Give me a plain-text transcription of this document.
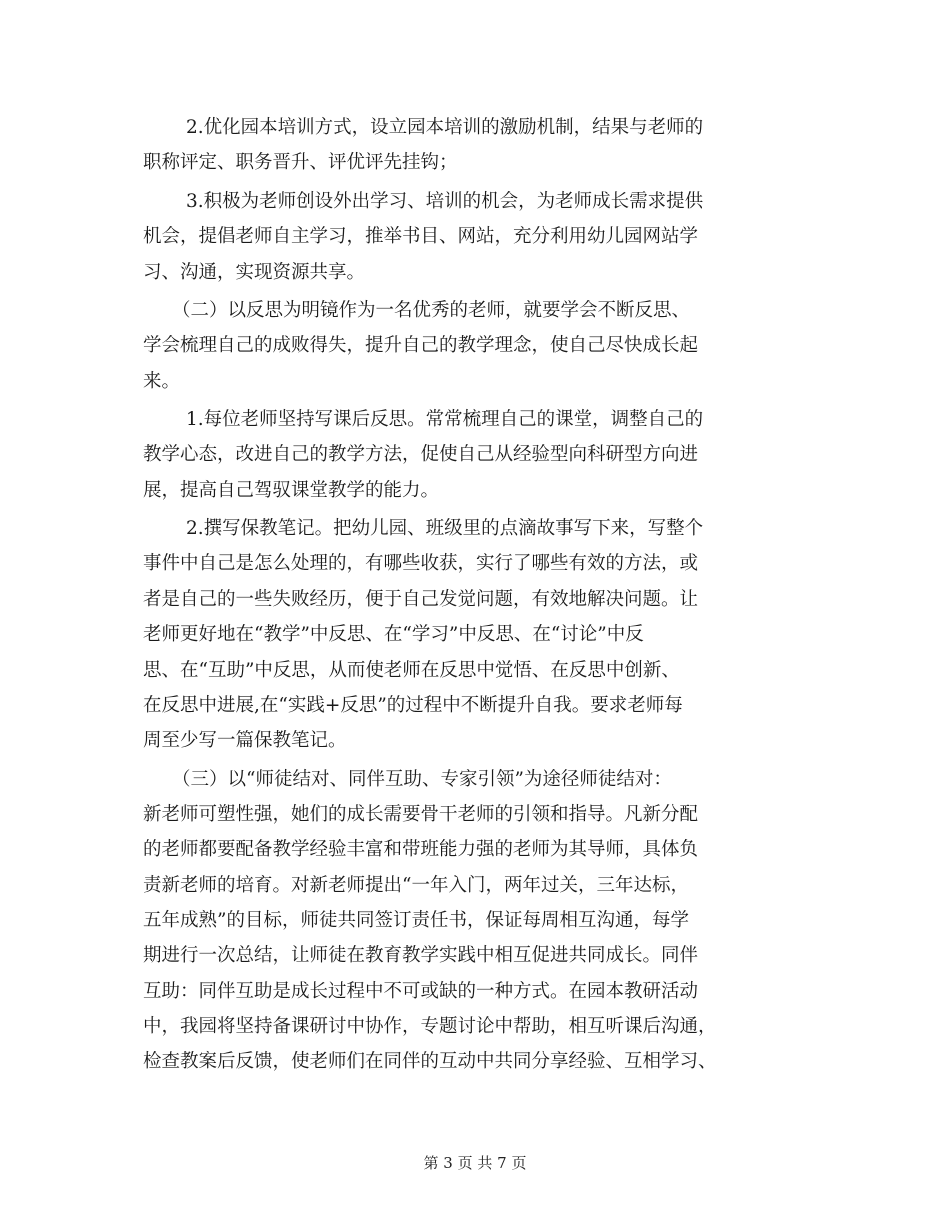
2.优化园本培训方式，设立园本培训的激励机制，结果与老师的
职称评定、职务晋升、评优评先挂钩；
3.积极为老师创设外出学习、培训的机会，为老师成长需求提供
机会，提倡老师自主学习，推举书目、网站，充分利用幼儿园网站学
习、沟通，实现资源共享。
（二）以反思为明镜作为一名优秀的老师，就要学会不断反思、
学会梳理自己的成败得失，提升自己的教学理念，使自己尽快成长起
来。
1.每位老师坚持写课后反思。常常梳理自己的课堂，调整自己的
教学心态，改进自己的教学方法，促使自己从经验型向科研型方向进
展，提高自己驾驭课堂教学的能力。
2.撰写保教笔记。把幼儿园、班级里的点滴故事写下来，写整个
事件中自己是怎么处理的，有哪些收获，实行了哪些有效的方法，或
者是自己的一些失败经历，便于自己发觉问题，有效地解决问题。让
老师更好地在“教学”中反思、在“学习”中反思、在“讨论”中反
思、在“互助”中反思，从而使老师在反思中觉悟、在反思中创新、
在反思中进展,在“实践+反思”的过程中不断提升自我。要求老师每
周至少写一篇保教笔记。
（三）以“师徒结对、同伴互助、专家引领”为途径师徒结对：
新老师可塑性强，她们的成长需要骨干老师的引领和指导。凡新分配
的老师都要配备教学经验丰富和带班能力强的老师为其导师，具体负
责新老师的培育。对新老师提出“一年入门，两年过关，三年达标，
五年成熟”的目标，师徒共同签订责任书，保证每周相互沟通，每学
期进行一次总结，让师徒在教育教学实践中相互促进共同成长。同伴
互助：同伴互助是成长过程中不可或缺的一种方式。在园本教研活动
中，我园将坚持备课研讨中协作，专题讨论中帮助，相互听课后沟通，
检查教案后反馈，使老师们在同伴的互动中共同分享经验、互相学习、
第 3 页 共 7 页
